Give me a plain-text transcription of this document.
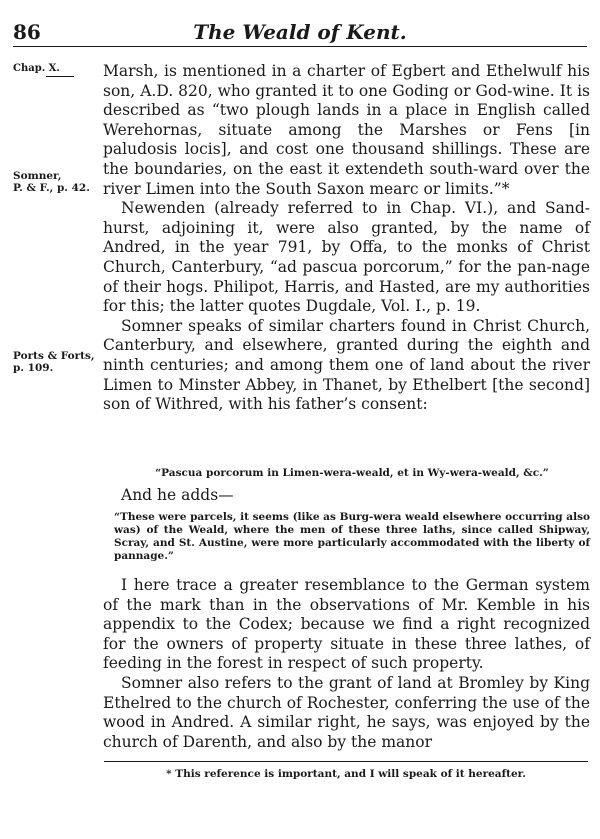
86	The Weald of Kent.
Chap. X.
Somner,
P. & F., p. 42.
Ports & Forts,
p. 109.

Marsh, is mentioned in a charter of Egbert and Ethelwulf his son, A.D. 820, who granted it to one Goding or God-wine. It is described as “two plough lands in a place in English called Werehornas, situate among the Marshes or Fens [in paludosis locis], and cost one thousand shillings. These are the boundaries, on the east it extendeth south-ward over the river Limen into the South Saxon mearc or limits.”*

Newenden (already referred to in Chap. VI.), and Sand-hurst, adjoining it, were also granted, by the name of Andred, in the year 791, by Offa, to the monks of Christ Church, Canterbury, “ad pascua porcorum,” for the pan-nage of their hogs. Philipot, Harris, and Hasted, are my authorities for this; the latter quotes Dugdale, Vol. I., p. 19.

Somner speaks of similar charters found in Christ Church, Canterbury, and elsewhere, granted during the eighth and ninth centuries; and among them one of land about the river Limen to Minster Abbey, in Thanet, by Ethelbert [the second] son of Withred, with his father’s consent:

“Pascua porcorum in Limen-wera-weald, et in Wy-wera-weald, &c.”

And he adds—

“These were parcels, it seems (like as Burg-wera weald elsewhere occurring also was) of the Weald, where the men of these three laths, since called Shipway, Scray, and St. Austine, were more particularly accommodated with the liberty of pannage.”

I here trace a greater resemblance to the German system of the mark than in the observations of Mr. Kemble in his appendix to the Codex; because we find a right recognized for the owners of property situate in these three lathes, of feeding in the forest in respect of such property.

Somner also refers to the grant of land at Bromley by King Ethelred to the church of Rochester, conferring the use of the wood in Andred. A similar right, he says, was enjoyed by the church of Darenth, and also by the manor

* This reference is important, and I will speak of it hereafter.
